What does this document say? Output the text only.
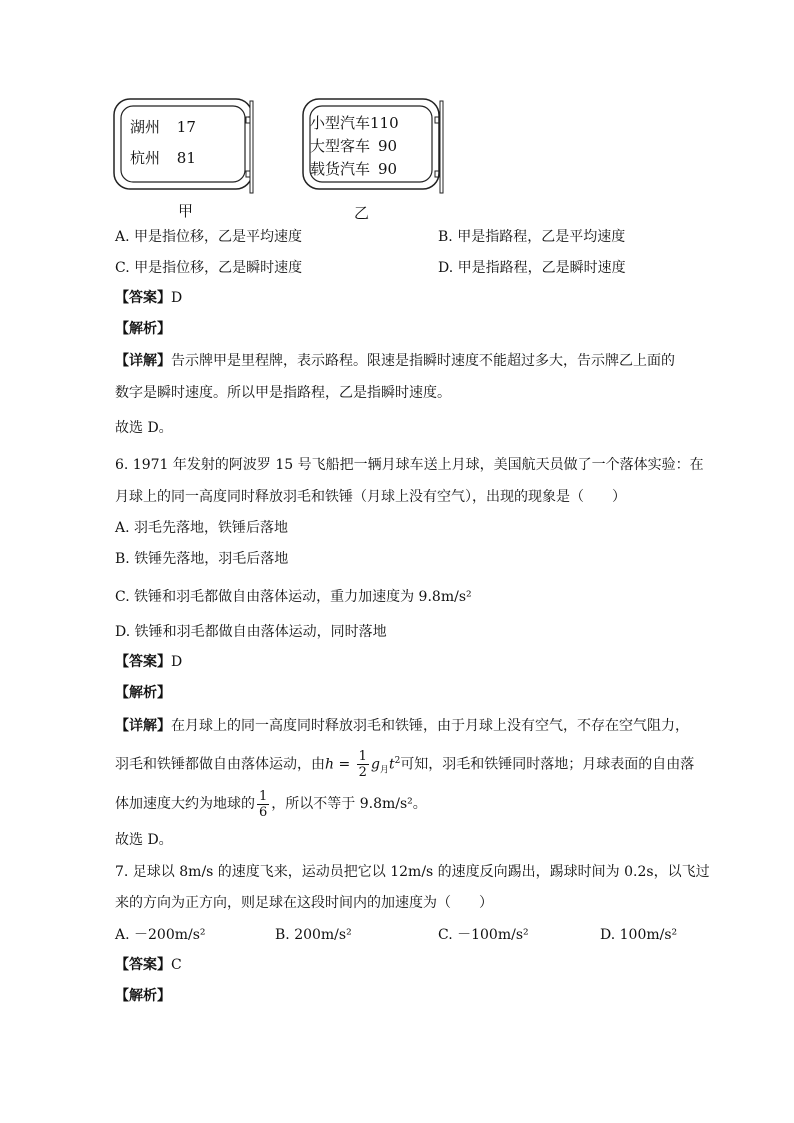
湖州 17
杭州 81
小型汽车110
大型客车 90
载货汽车 90
甲	乙
A. 甲是指位移，乙是平均速度	B. 甲是指路程，乙是平均速度
C. 甲是指位移，乙是瞬时速度	D. 甲是指路程，乙是瞬时速度
【答案】D
【解析】
【详解】告示牌甲是里程牌，表示路程。限速是指瞬时速度不能超过多大，告示牌乙上面的
数字是瞬时速度。所以甲是指路程，乙是指瞬时速度。
故选 D。
6. 1971 年发射的阿波罗 15 号飞船把一辆月球车送上月球，美国航天员做了一个落体实验：在
月球上的同一高度同时释放羽毛和铁锤（月球上没有空气），出现的现象是（　　）
A. 羽毛先落地，铁锤后落地
B. 铁锤先落地，羽毛后落地
C. 铁锤和羽毛都做自由落体运动，重力加速度为 9.8m/s²
D. 铁锤和羽毛都做自由落体运动，同时落地
【答案】D
【解析】
【详解】在月球上的同一高度同时释放羽毛和铁锤，由于月球上没有空气，不存在空气阻力，
羽毛和铁锤都做自由落体运动，由$h = \frac{1}{2} g_月t^2$可知，羽毛和铁锤同时落地；月球表面的自由落
体加速度大约为地球的 $\frac{1}{6}$ ，所以不等于 9.8m/s²。
故选 D。
7. 足球以 8m/s 的速度飞来，运动员把它以 12m/s 的速度反向踢出，踢球时间为 0.2s，以飞过
来的方向为正方向，则足球在这段时间内的加速度为（　　）
A. －200m/s²	B. 200m/s²	C. －100m/s²	D. 100m/s²
【答案】C
【解析】
